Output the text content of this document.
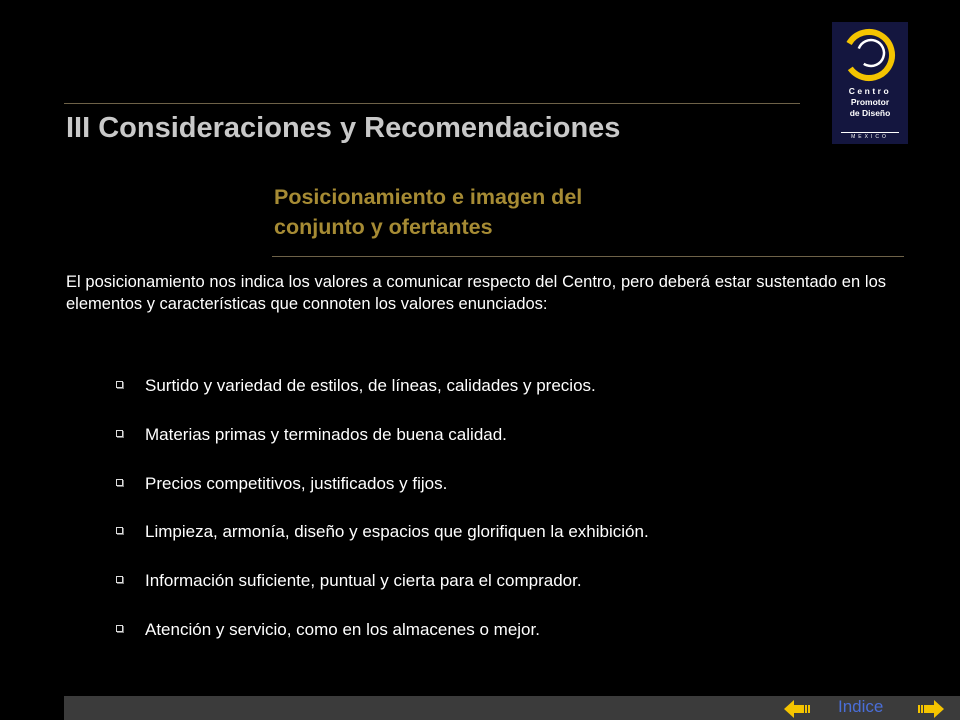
III Consideraciones y Recomendaciones
Centro
Promotor
de Diseño
MEXICO
Posicionamiento e imagen del
conjunto y ofertantes
El posicionamiento nos indica los valores a comunicar respecto del Centro, pero deberá estar sustentado en los elementos y características que connoten los valores enunciados:
Surtido y variedad de estilos, de líneas, calidades y precios.
Materias primas y terminados de buena calidad.
Precios competitivos, justificados y fijos.
Limpieza, armonía, diseño y espacios que glorifiquen la exhibición.
Información suficiente, puntual y cierta para el comprador.
Atención y servicio, como en los almacenes o mejor.
Indice
